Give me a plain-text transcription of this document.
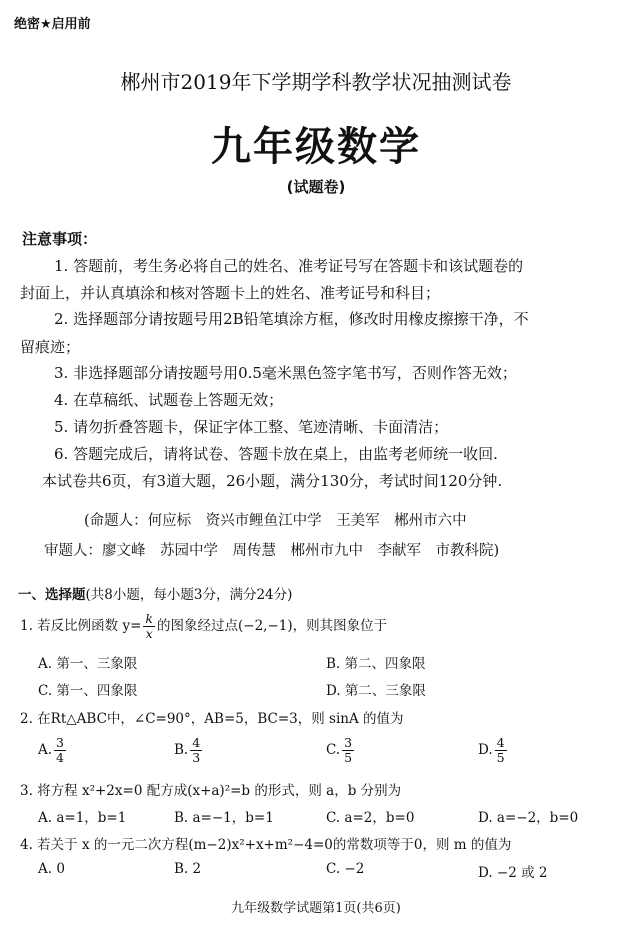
绝密★启用前
郴州市2019年下学期学科教学状况抽测试卷
九年级数学
(试题卷)
注意事项：
1. 答题前，考生务必将自己的姓名、准考证号写在答题卡和该试题卷的
封面上，并认真填涂和核对答题卡上的姓名、准考证号和科目；
2. 选择题部分请按题号用2B铅笔填涂方框，修改时用橡皮擦擦干净，不
留痕迹；
3. 非选择题部分请按题号用0.5毫米黑色签字笔书写，否则作答无效；
4. 在草稿纸、试题卷上答题无效；
5. 请勿折叠答题卡，保证字体工整、笔迹清晰、卡面清洁；
6. 答题完成后，请将试卷、答题卡放在桌上，由监考老师统一收回.
本试卷共6页，有3道大题，26小题，满分130分，考试时间120分钟.
(命题人：何应标　资兴市鲤鱼江中学　王美军　郴州市六中
审题人：廖文峰　苏园中学　周传慧　郴州市九中　李献军　市教科院)
一、选择题(共8小题，每小题3分，满分24分)
1. 若反比例函数 $y= \frac{k}{x}$ 的图象经过点(−2,−1)，则其图象位于
A. 第一、三象限	B. 第二、四象限
C. 第一、四象限	D. 第二、三象限
2. 在Rt△ABC中，∠C=90°，AB=5，BC=3，则 sinA 的值为
A. $\frac{3}{4}$	B. $\frac{4}{3}$	C. $\frac{3}{5}$	D. $\frac{4}{5}$
3. 将方程 x²+2x=0 配方成(x+a)²=b 的形式，则 a，b 分别为
A. a=1，b=1	B. a=−1，b=1	C. a=2，b=0	D. a=−2，b=0
4. 若关于 x 的一元二次方程(m−2)x²+x+m²−4=0的常数项等于0，则 m 的值为
A. 0	B. 2	C. −2	D. −2 或 2
九年级数学试题第1页(共6页)
